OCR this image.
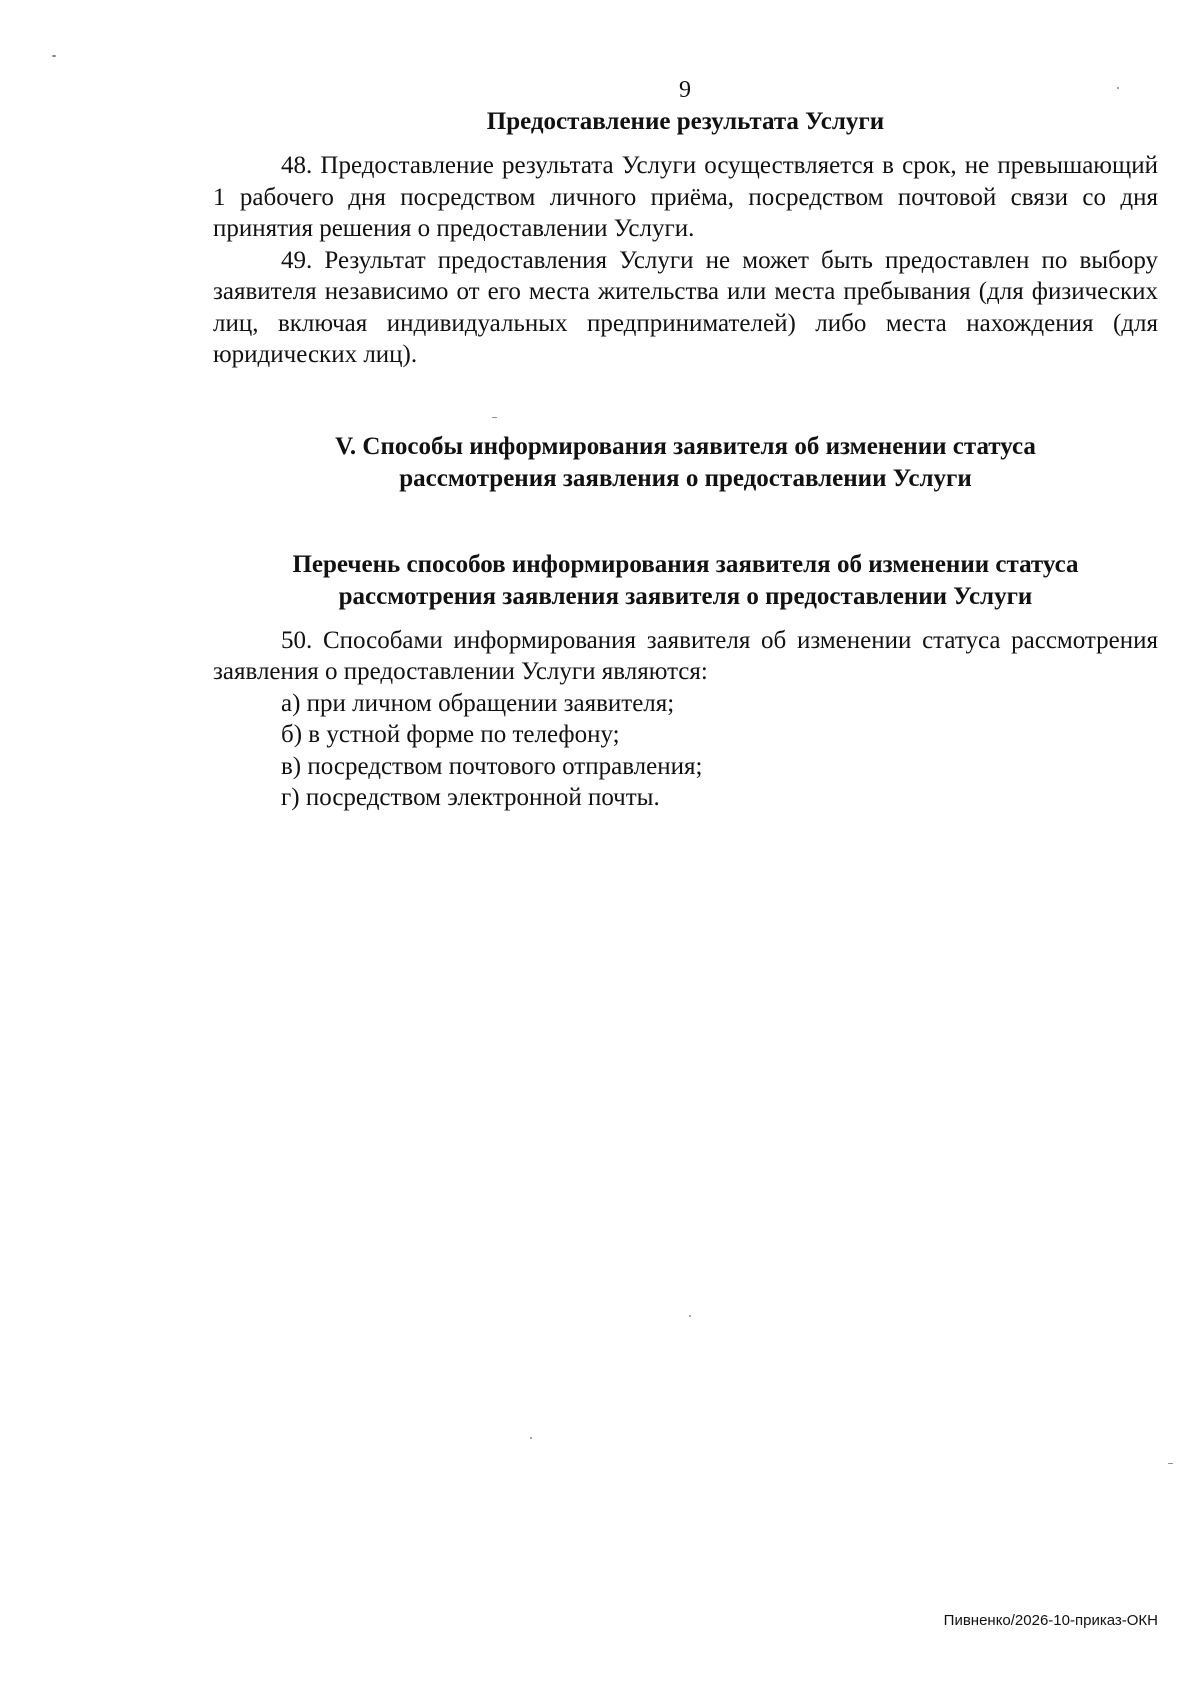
9

Предоставление результата Услуги

48. Предоставление результата Услуги осуществляется в срок, не превышающий 1 рабочего дня посредством личного приёма, посредством почтовой связи со дня принятия решения о предоставлении Услуги.

49. Результат предоставления Услуги не может быть предоставлен по выбору заявителя независимо от его места жительства или места пребывания (для физических лиц, включая индивидуальных предпринимателей) либо места нахождения (для юридических лиц).

V. Способы информирования заявителя об изменении статуса

рассмотрения заявления о предоставлении Услуги

Перечень способов информирования заявителя об изменении статуса

рассмотрения заявления заявителя о предоставлении Услуги

50. Способами информирования заявителя об изменении статуса рассмотрения заявления о предоставлении Услуги являются:

а) при личном обращении заявителя;

б) в устной форме по телефону;

в) посредством почтового отправления;

г) посредством электронной почты.

Пивненко/2026-10-приказ-ОКН
